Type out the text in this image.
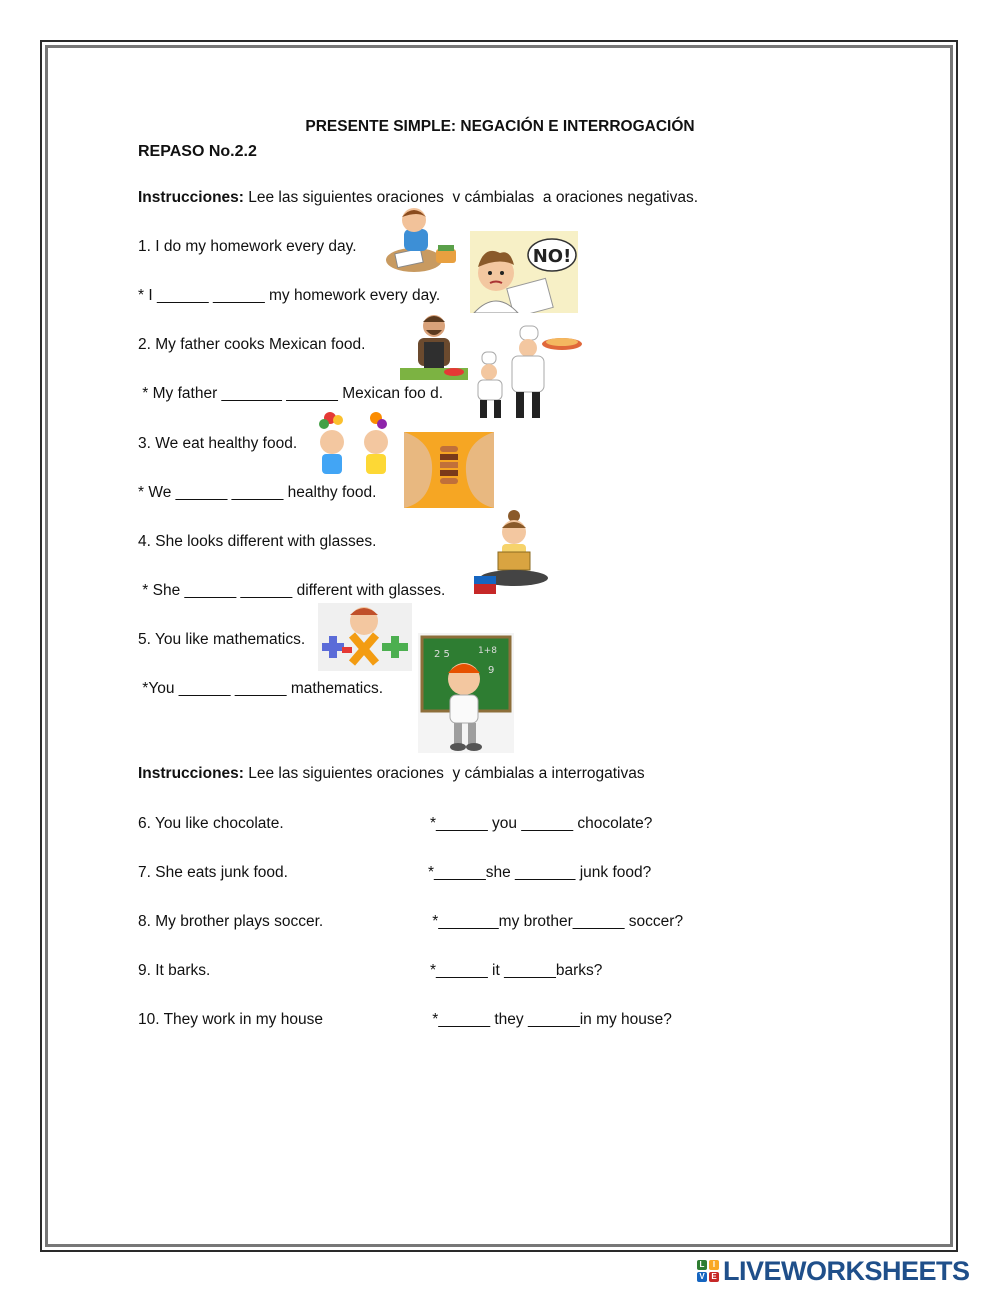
PRESENTE SIMPLE: NEGACIÓN E INTERROGACIÓN
REPASO No.2.2
Instrucciones: Lee las siguientes oraciones  v cámbialas  a oraciones negativas.
1. I do my homework every day.
* I ______ ______ my homework every day.
2. My father cooks Mexican food.
* My father _______ ______ Mexican foo d.
3. We eat healthy food.
* We ______ ______ healthy food.
4. She looks different with glasses.
* She ______ ______ different with glasses.
5. You like mathematics.
*You ______ ______ mathematics.
Instrucciones: Lee las siguientes oraciones  y cámbialas a interrogativas
6. You like chocolate.	*______ you ______ chocolate?
7. She eats junk food.	*______she _______ junk food?
8. My brother plays soccer.	*_______my brother______ soccer?
9. It barks.	*______ it ______barks?
10. They work in my house	*______ they ______in my house?
NO!
2 5	1+8
9
L	I
V E LIVEWORKSHEETS
